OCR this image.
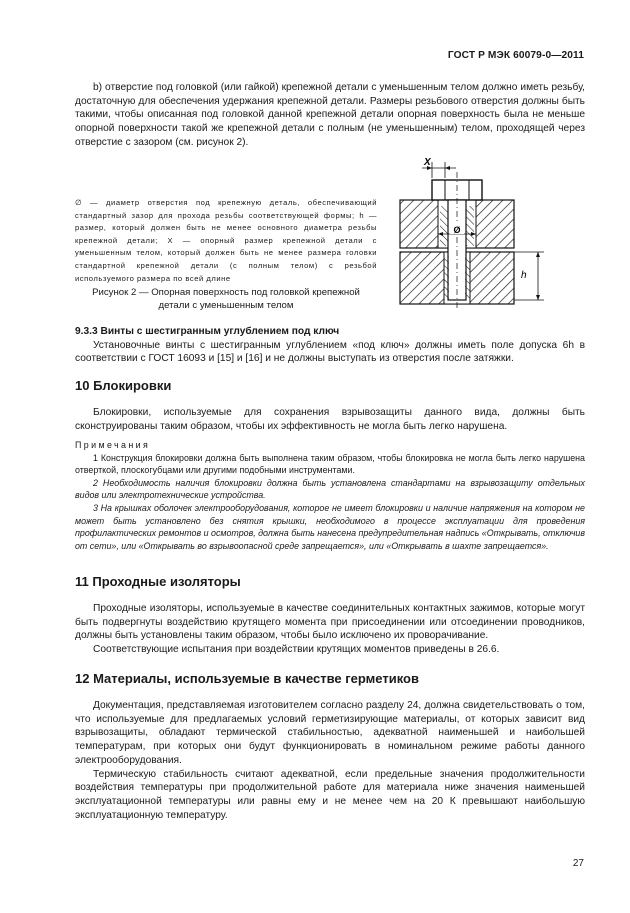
ГОСТ Р МЭК 60079-0—2011

b) отверстие под головкой (или гайкой) крепежной детали с уменьшенным телом должно иметь резьбу, достаточную для обеспечения удержания крепежной детали. Размеры резьбового отверстия должны быть такими, чтобы описанная под головкой данной крепежной детали опорная поверхность была не меньше опорной поверхности такой же крепежной детали с полным (не уменьшенным) телом, проходящей через отверстие с зазором (см. рисунок 2).

∅ — диаметр отверстия под крепежную деталь, обеспечивающий стандартный зазор для прохода резьбы соответствующей формы; h — размер, который должен быть не менее основного диаметра резьбы крепежной детали; X — опорный размер крепежной детали с уменьшенным телом, который должен быть не менее размера головки стандартной крепежной детали (с полным телом) с резьбой используемого размера по всей длине
Рисунок 2 — Опорная поверхность под головкой крепежной детали с уменьшенным телом
Ø
X
h

9.3.3 Винты с шестигранным углублением под ключ

Установочные винты с шестигранным углублением «под ключ» должны иметь поле допуска 6h в соответствии с ГОСТ 16093 и [15] и [16] и не должны выступать из отверстия после затяжки.

10 Блокировки

Блокировки, используемые для сохранения взрывозащиты данного вида, должны быть сконструированы таким образом, чтобы их эффективность не могла быть легко нарушена.

Примечания

1 Конструкция блокировки должна быть выполнена таким образом, чтобы блокировка не могла быть легко нарушена отверткой, плоскогубцами или другими подобными инструментами.

2 Необходимость наличия блокировки должна быть установлена стандартами на взрывозащиту отдельных видов или электротехнические устройства.

3 На крышках оболочек электрооборудования, которое не имеет блокировки и наличие напряжения на котором не может быть установлено без снятия крышки, необходимого в процессе эксплуатации для проведения профилактических ремонтов и осмотров, должна быть нанесена предупредительная надпись «Открывать, отключив от сети», или «Открывать во взрывоопасной среде запрещается», или «Открывать в шахте запрещается».

11 Проходные изоляторы

Проходные изоляторы, используемые в качестве соединительных контактных зажимов, которые могут быть подвергнуты воздействию крутящего момента при присоединении или отсоединении проводников, должны быть установлены таким образом, чтобы было исключено их проворачивание.

Соответствующие испытания при воздействии крутящих моментов приведены в 26.6.

12 Материалы, используемые в качестве герметиков

Документация, представляемая изготовителем согласно разделу 24, должна свидетельствовать о том, что используемые для предлагаемых условий герметизирующие материалы, от которых зависит вид взрывозащиты, обладают термической стабильностью, адекватной наименьшей и наибольшей температурам, при которых они будут функционировать в номинальном режиме работы данного электрооборудования.

Термическую стабильность считают адекватной, если предельные значения продолжительности воздействия температуры при продолжительной работе для материала ниже значения наименьшей эксплуатационной температуры или равны ему и не менее чем на 20 К превышают наибольшую эксплуатационную температуру.

27
